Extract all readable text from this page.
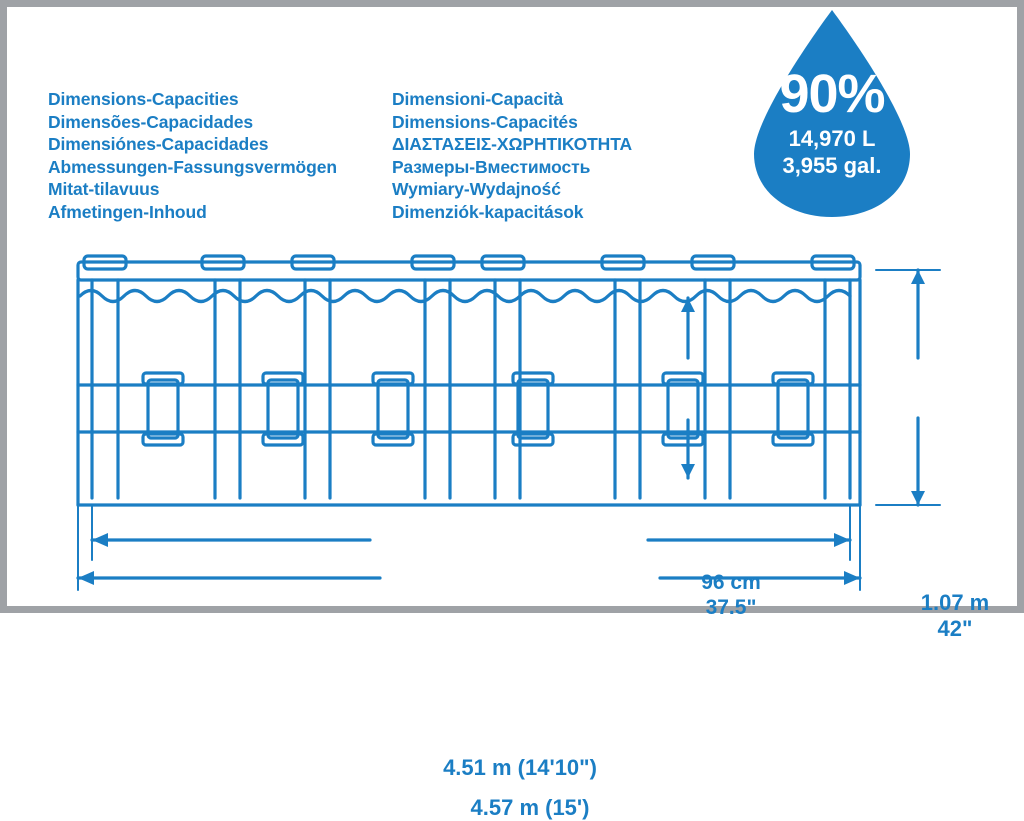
Dimensions-Capacities
Dimensões-Capacidades
Dimensiónes-Capacidades
Abmessungen-Fassungsvermögen
Mitat-tilavuus
Afmetingen-Inhoud
Dimensioni-Capacità
Dimensions-Capacités
ΔΙΑΣΤΑΣΕΙΣ-ΧΩΡΗΤΙΚΟΤΗΤΑ
Размеры-Вместимость
Wymiary-Wydajność
Dimenziók-kapacitások
90%
14,970 L
3,955 gal.
96 cm
37.5"	1.07 m
42"
4.51 m (14'10")
4.57 m (15')
